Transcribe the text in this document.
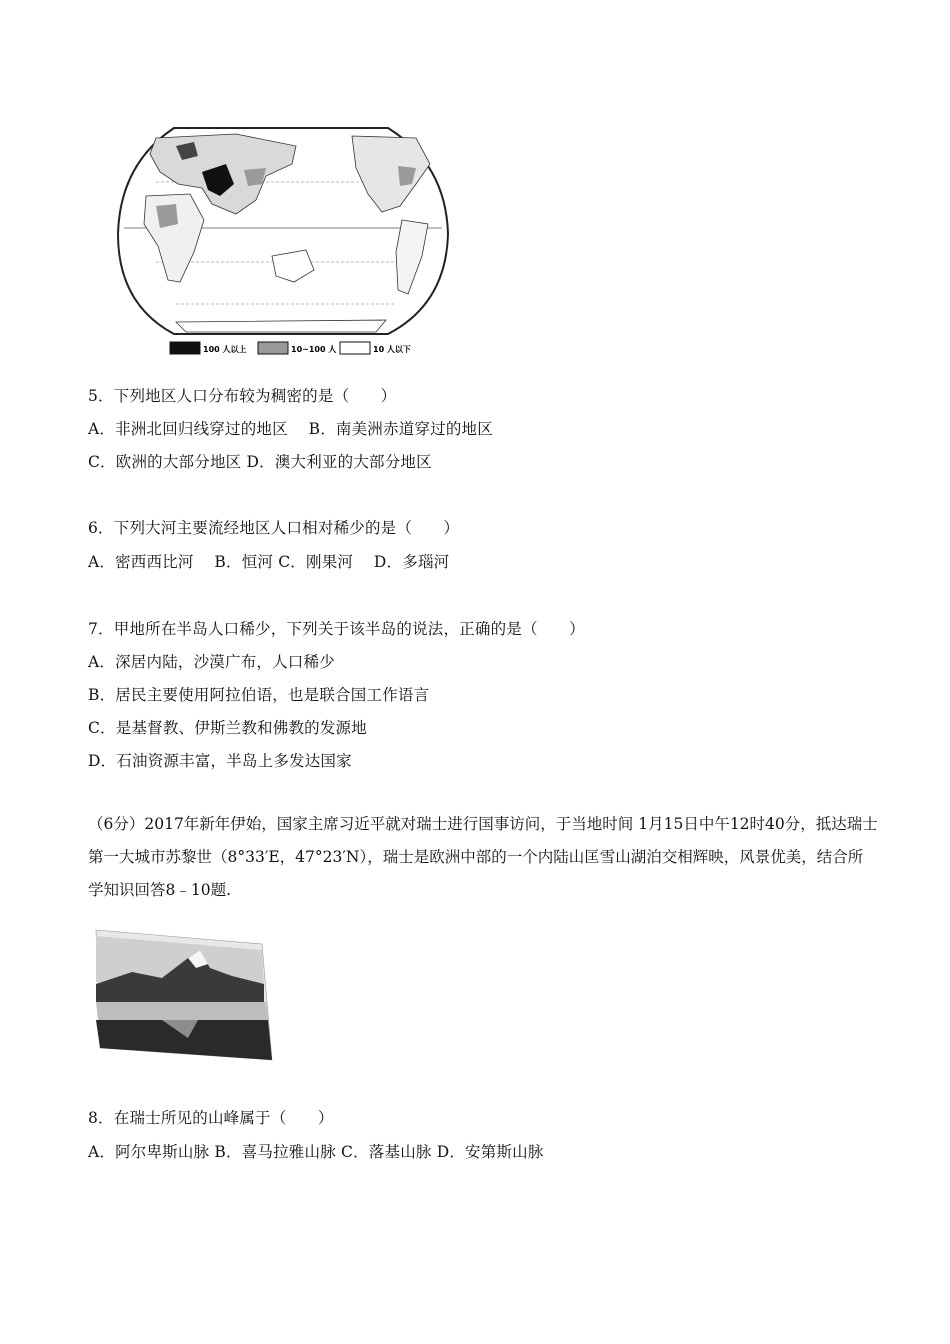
100 人以上	10~100 人	10 人以下
5．下列地区人口分布较为稠密的是（　　）
A．非洲北回归线穿过的地区　 B．南美洲赤道穿过的地区
C．欧洲的大部分地区 D．澳大利亚的大部分地区
6．下列大河主要流经地区人口相对稀少的是（　　）
A．密西西比河　 B．恒河 C．刚果河　 D．多瑙河
7．甲地所在半岛人口稀少，下列关于该半岛的说法，正确的是（　　）
A．深居内陆，沙漠广布，人口稀少
B．居民主要使用阿拉伯语，也是联合国工作语言
C．是基督教、伊斯兰教和佛教的发源地
D．石油资源丰富，半岛上多发达国家
（6分）2017年新年伊始，国家主席习近平就对瑞士进行国事访问，于当地时间 1月15日中午12时40分，抵达瑞士第一大城市苏黎世（8°33′E，47°23′N），瑞士是欧洲中部的一个内陆山匡雪山湖泊交相辉映，风景优美，结合所学知识回答8﹣10题.
8．在瑞士所见的山峰属于（　　）
A．阿尔卑斯山脉 B．喜马拉雅山脉 C．落基山脉 D．安第斯山脉
